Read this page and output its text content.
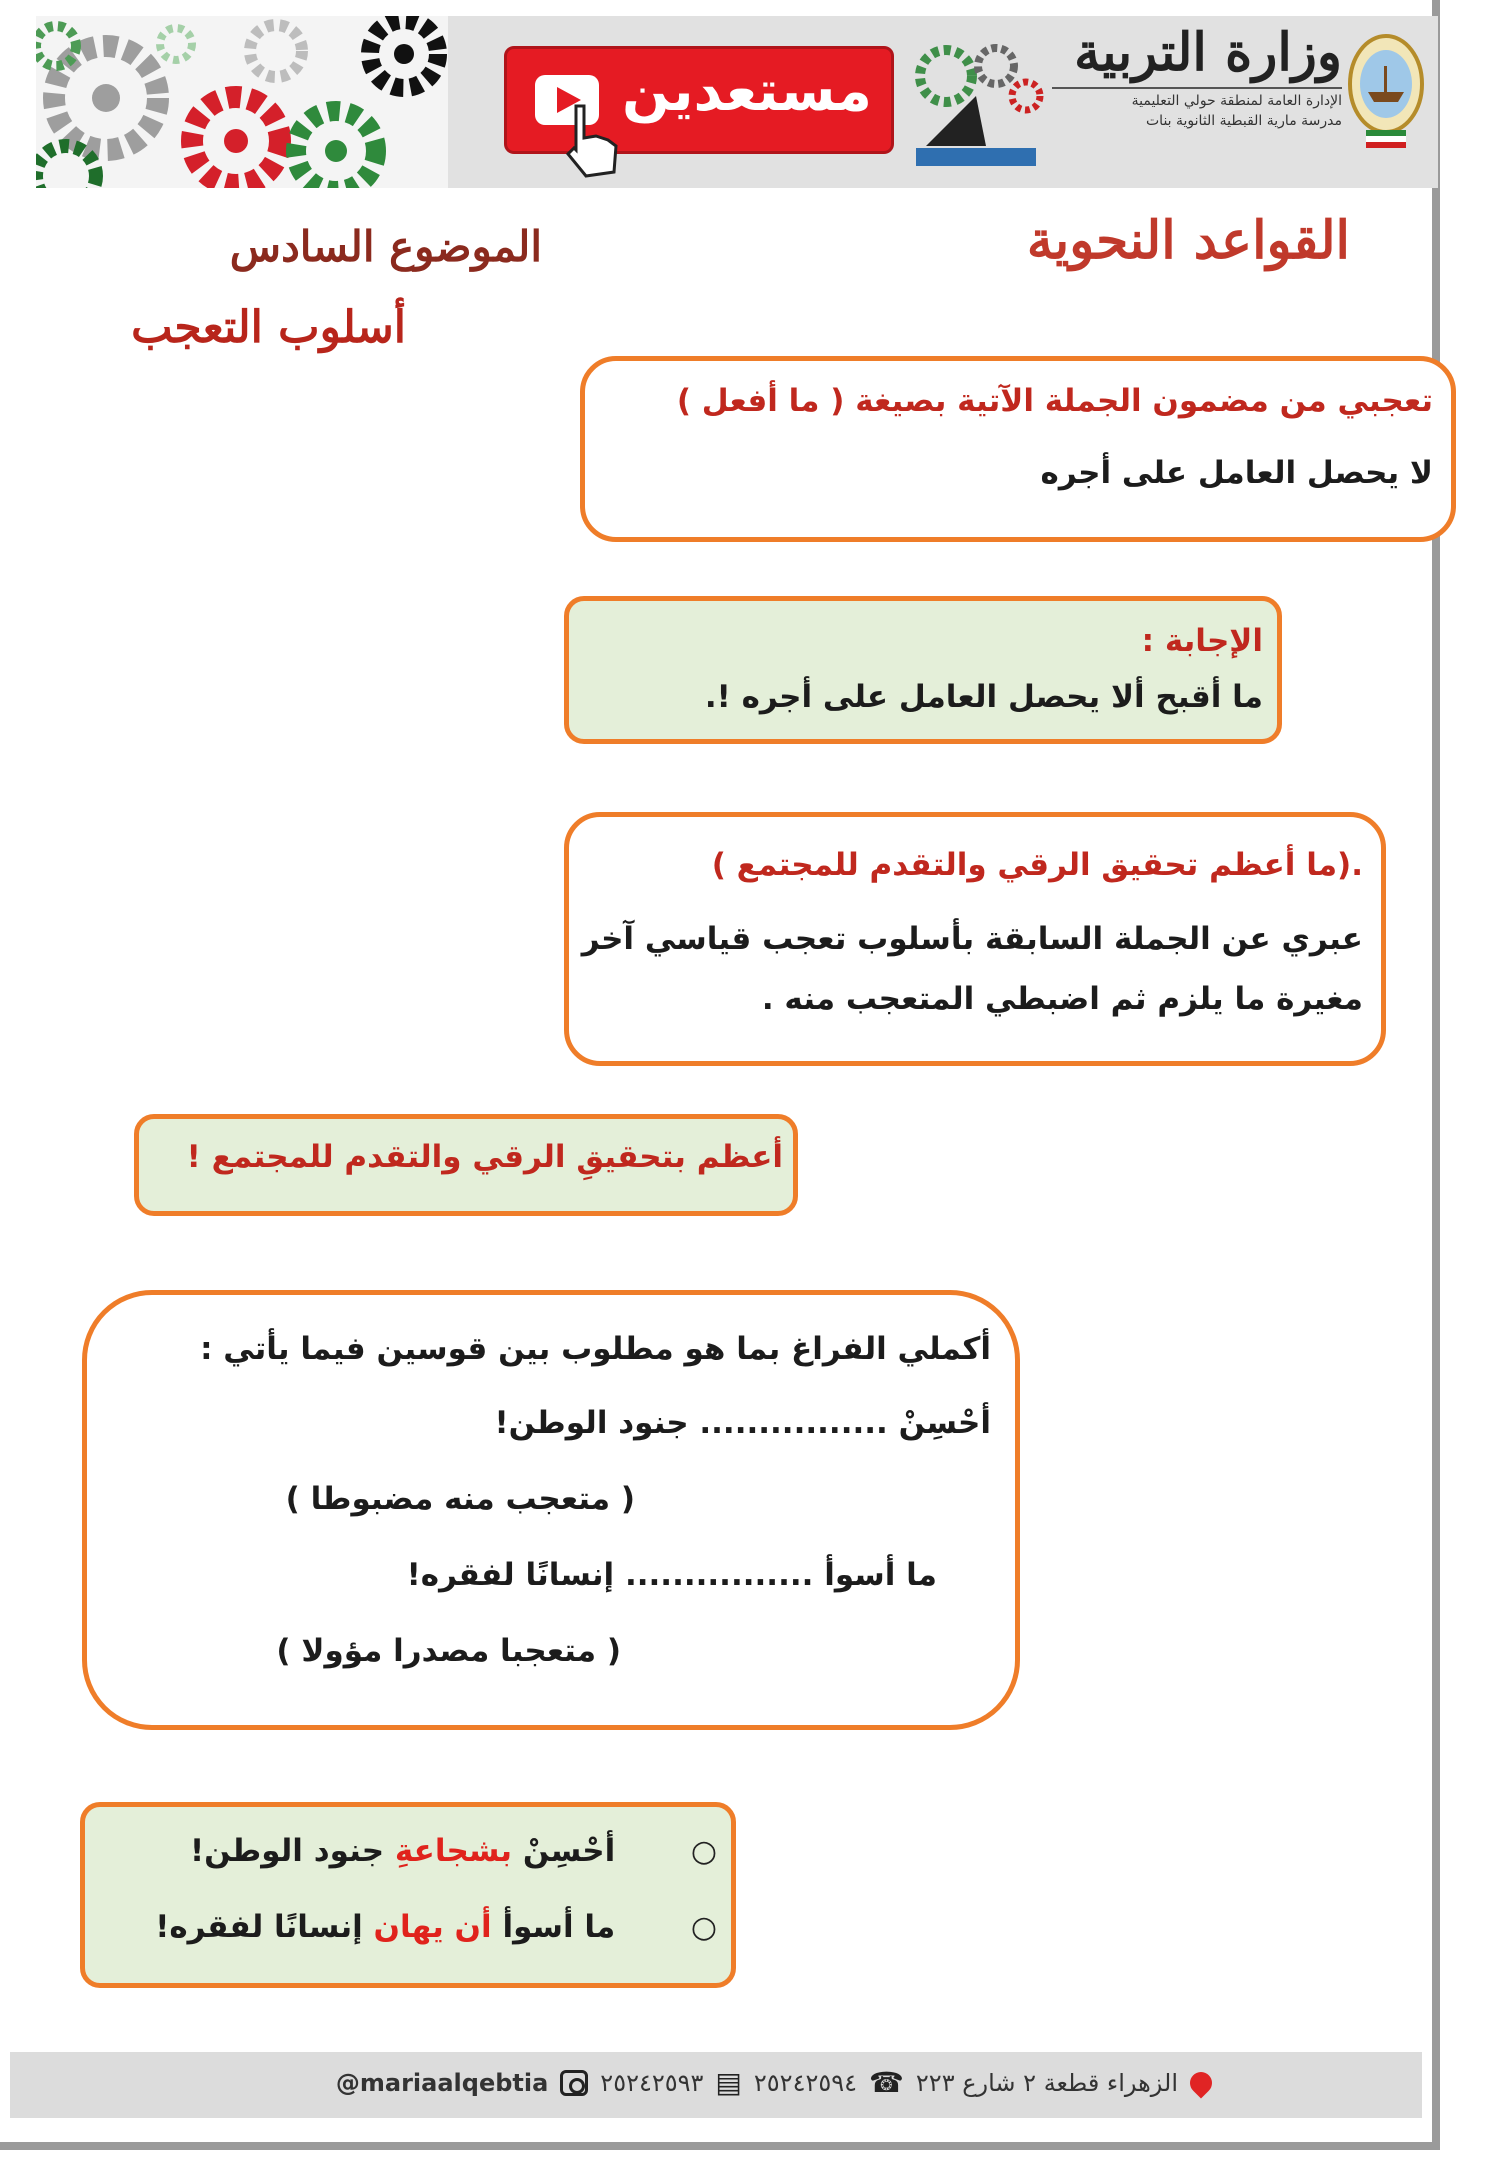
مستعدين
وزارة التربية
الإدارة العامة لمنطقة حولي التعليمية
مدرسة مارية القبطية الثانوية بنات
القواعد النحوية
الموضوع السادس
أسلوب التعجب
تعجبي من مضمون الجملة الآتية بصيغة ( ما أفعل )
لا يحصل العامل على أجره
الإجابة :
ما أقبح ألا يحصل العامل على أجره !.
.(ما أعظم تحقيق الرقي والتقدم للمجتمع )
عبري عن الجملة السابقة بأسلوب تعجب قياسي آخر
مغيرة ما يلزم ثم اضبطي المتعجب منه .
أعظم بتحقيقِ الرقي والتقدم للمجتمع !
أكملي الفراغ بما هو مطلوب بين قوسين فيما يأتي :
أحْسِنْ ................ جنود الوطن!
( متعجب منه مضبوطا )
ما أسوأ ................ إنسانًا لفقره!
( متعجبا مصدرا مؤولا )
○       أحْسِنْ بشجاعةِ جنود الوطن!
○       ما أسوأ أن يهان إنسانًا لفقره!
الزهراء قطعة ٢ شارع ٢٢٣
☎
٢٥٢٤٢٥٩٤
▤
٢٥٢٤٢٥٩٣
@mariaalqebtia
